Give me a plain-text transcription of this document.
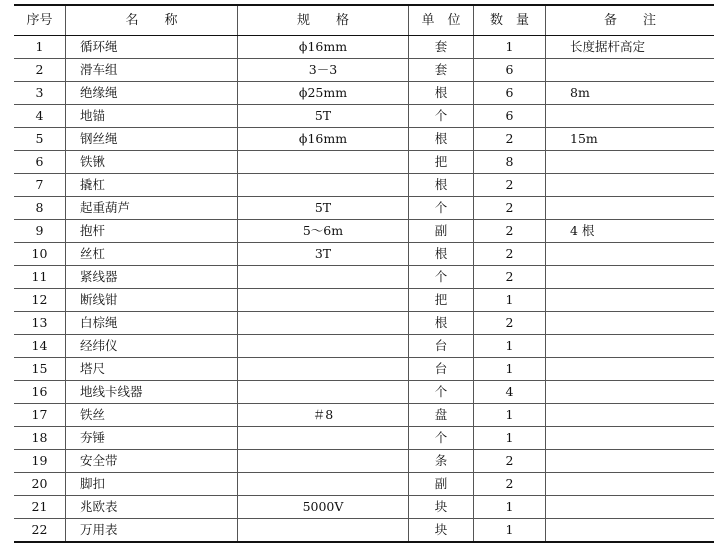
序号	名　　称	规　　格	单　位	数　量	备　　注
1	循环绳	ϕ16mm	套	1	长度据杆高定
2	滑车组	3－3	套	6	
3	绝缘绳	ϕ25mm	根	6	8m
4	地锚	5T	个	6	
5	钢丝绳	ϕ16mm	根	2	15m
6	铁锹		把	8	
7	撬杠		根	2	
8	起重葫芦	5T	个	2	
9	抱杆	5～6m	副	2	4 根
10	丝杠	3T	根	2	
11	紧线器		个	2	
12	断线钳		把	1	
13	白棕绳		根	2	
14	经纬仪		台	1	
15	塔尺		台	1	
16	地线卡线器		个	4	
17	铁丝	＃8	盘	1	
18	夯锤		个	1	
19	安全带		条	2	
20	脚扣		副	2	
21	兆欧表	5000V	块	1	
22	万用表		块	1	
